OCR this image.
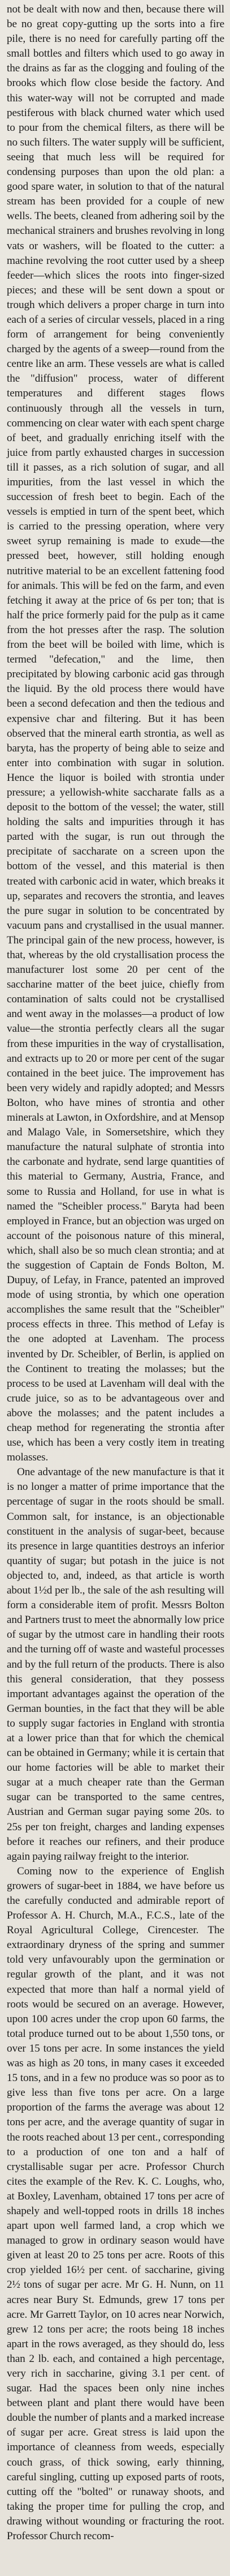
not be dealt with now and then, because there will be no great copy-gutting up the sorts into a fire pile, there is no need for carefully parting off the small bottles and filters which used to go away in the drains as far as the clogging and fouling of the brooks which flow close beside the factory. And this water-way will not be corrupted and made pestiferous with black churned water which used to pour from the chemical filters, as there will be no such filters. The water supply will be sufficient, seeing that much less will be required for condensing purposes than upon the old plan: a good spare water, in solution to that of the natural stream has been provided for a couple of new wells. The beets, cleaned from adhering soil by the mechanical strainers and brushes revolving in long vats or washers, will be floated to the cutter: a machine revolving the root cutter used by a sheep feeder—which slices the roots into finger-sized pieces; and these will be sent down a spout or trough which delivers a proper charge in turn into each of a series of circular vessels, placed in a ring form of arrangement for being conveniently charged by the agents of a sweep—round from the centre like an arm. These vessels are what is called the "diffusion" process, water of different temperatures and different stages flows continuously through all the vessels in turn, commencing on clear water with each spent charge of beet, and gradually enriching itself with the juice from partly exhausted charges in succession till it passes, as a rich solution of sugar, and all impurities, from the last vessel in which the succession of fresh beet to begin. Each of the vessels is emptied in turn of the spent beet, which is carried to the pressing operation, where very sweet syrup remaining is made to exude—the pressed beet, however, still holding enough nutritive material to be an excellent fattening food for animals. This will be fed on the farm, and even fetching it away at the price of 6s per ton; that is half the price formerly paid for the pulp as it came from the hot presses after the rasp. The solution from the beet will be boiled with lime, which is termed "defecation," and the lime, then precipitated by blowing carbonic acid gas through the liquid. By the old process there would have been a second defecation and then the tedious and expensive char and filtering. But it has been observed that the mineral earth strontia, as well as baryta, has the property of being able to seize and enter into combination with sugar in solution. Hence the liquor is boiled with strontia under pressure; a yellowish-white saccharate falls as a deposit to the bottom of the vessel; the water, still holding the salts and impurities through it has parted with the sugar, is run out through the precipitate of saccharate on a screen upon the bottom of the vessel, and this material is then treated with carbonic acid in water, which breaks it up, separates and recovers the strontia, and leaves the pure sugar in solution to be concentrated by vacuum pans and crystallised in the usual manner. The principal gain of the new process, however, is that, whereas by the old crystallisation process the manufacturer lost some 20 per cent of the saccharine matter of the beet juice, chiefly from contamination of salts could not be crystallised and went away in the molasses—a product of low value—the strontia perfectly clears all the sugar from these impurities in the way of crystallisation, and extracts up to 20 or more per cent of the sugar contained in the beet juice. The improvement has been very widely and rapidly adopted; and Messrs Bolton, who have mines of strontia and other minerals at Lawton, in Oxfordshire, and at Mensop and Malago Vale, in Somersetshire, which they manufacture the natural sulphate of strontia into the carbonate and hydrate, send large quantities of this material to Germany, Austria, France, and some to Russia and Holland, for use in what is named the "Scheibler process." Baryta had been employed in France, but an objection was urged on account of the poisonous nature of this mineral, which, shall also be so much clean strontia; and at the suggestion of Captain de Fonds Bolton, M. Dupuy, of Lefay, in France, patented an improved mode of using strontia, by which one operation accomplishes the same result that the "Scheibler" process effects in three. This method of Lefay is the one adopted at Lavenham. The process invented by Dr. Scheibler, of Berlin, is applied on the Continent to treating the molasses; but the process to be used at Lavenham will deal with the crude juice, so as to be advantageous over and above the molasses; and the patent includes a cheap method for regenerating the strontia after use, which has been a very costly item in treating molasses.

One advantage of the new manufacture is that it is no longer a matter of prime importance that the percentage of sugar in the roots should be small. Common salt, for instance, is an objectionable constituent in the analysis of sugar-beet, because its presence in large quantities destroys an inferior quantity of sugar; but potash in the juice is not objected to, and, indeed, as that article is worth about 1½d per lb., the sale of the ash resulting will form a considerable item of profit. Messrs Bolton and Partners trust to meet the abnormally low price of sugar by the utmost care in handling their roots and the turning off of waste and wasteful processes and by the full return of the products. There is also this general consideration, that they possess important advantages against the operation of the German bounties, in the fact that they will be able to supply sugar factories in England with strontia at a lower price than that for which the chemical can be obtained in Germany; while it is certain that our home factories will be able to market their sugar at a much cheaper rate than the German sugar can be transported to the same centres, Austrian and German sugar paying some 20s. to 25s per ton freight, charges and landing expenses before it reaches our refiners, and their produce again paying railway freight to the interior.

Coming now to the experience of English growers of sugar-beet in 1884, we have before us the carefully conducted and admirable report of Professor A. H. Church, M.A., F.C.S., late of the Royal Agricultural College, Cirencester. The extraordinary dryness of the spring and summer told very unfavourably upon the germination or regular growth of the plant, and it was not expected that more than half a normal yield of roots would be secured on an average. However, upon 100 acres under the crop upon 60 farms, the total produce turned out to be about 1,550 tons, or over 15 tons per acre. In some instances the yield was as high as 20 tons, in many cases it exceeded 15 tons, and in a few no produce was so poor as to give less than five tons per acre. On a large proportion of the farms the average was about 12 tons per acre, and the average quantity of sugar in the roots reached about 13 per cent., corresponding to a production of one ton and a half of crystallisable sugar per acre. Professor Church cites the example of the Rev. K. C. Loughs, who, at Boxley, Lavenham, obtained 17 tons per acre of shapely and well-topped roots in drills 18 inches apart upon well farmed land, a crop which we managed to grow in ordinary season would have given at least 20 to 25 tons per acre. Roots of this crop yielded 16½ per cent. of saccharine, giving 2½ tons of sugar per acre. Mr G. H. Nunn, on 11 acres near Bury St. Edmunds, grew 17 tons per acre. Mr Garrett Taylor, on 10 acres near Norwich, grew 12 tons per acre; the roots being 18 inches apart in the rows averaged, as they should do, less than 2 lb. each, and contained a high percentage, very rich in saccharine, giving 3.1 per cent. of sugar. Had the spaces been only nine inches between plant and plant there would have been double the number of plants and a marked increase of sugar per acre. Great stress is laid upon the importance of cleanness from weeds, especially couch grass, of thick sowing, early thinning, careful singling, cutting up exposed parts of roots, cutting off the "bolted" or runaway shoots, and taking the proper time for pulling the crop, and drawing without wounding or fracturing the root. Professor Church recom-
